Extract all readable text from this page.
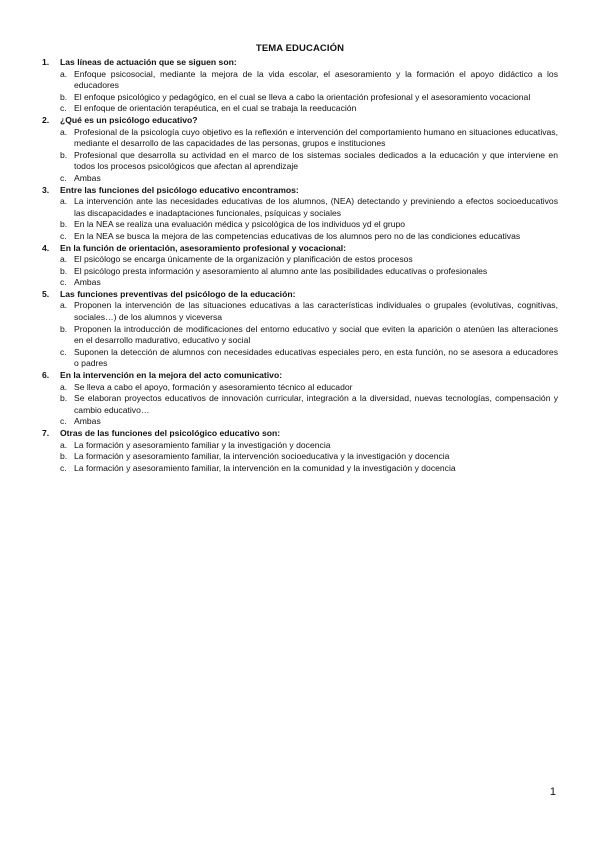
TEMA EDUCACIÓN
1.	Las líneas de actuación que se siguen son:
a. Enfoque psicosocial, mediante la mejora de la vida escolar, el asesoramiento y la formación el apoyo didáctico a los educadores
b. El enfoque psicológico y pedagógico, en el cual se lleva a cabo la orientación profesional y el asesoramiento vocacional
c. El enfoque de orientación terapéutica, en el cual se trabaja la reeducación
2.	¿Qué es un psicólogo educativo?
a. Profesional de la psicología cuyo objetivo es la reflexión e intervención del comportamiento humano en situaciones educativas, mediante el desarrollo de las capacidades de las personas, grupos e instituciones
b. Profesional que desarrolla su actividad en el marco de los sistemas sociales dedicados a la educación y que interviene en todos los procesos psicológicos que afectan al aprendizaje
c. Ambas
3.	Entre las funciones del psicólogo educativo encontramos:
a. La intervención ante las necesidades educativas de los alumnos, (NEA) detectando y previniendo a efectos socioeducativos las discapacidades e inadaptaciones funcionales, psíquicas y sociales
b. En la NEA se realiza una evaluación médica y psicológica de los individuos yd el grupo
c. En la NEA se busca la mejora de las competencias educativas de los alumnos pero no de las condiciones educativas
4.	En la función de orientación, asesoramiento profesional y vocacional:
a. El psicólogo se encarga únicamente de la organización y planificación de estos procesos
b. El psicólogo presta información y asesoramiento al alumno ante las posibilidades educativas o profesionales
c. Ambas
5.	Las funciones preventivas del psicólogo de la educación:
a. Proponen la intervención de las situaciones educativas a las características individuales o grupales (evolutivas, cognitivas, sociales…) de los alumnos y viceversa
b. Proponen la introducción de modificaciones del entorno educativo y social que eviten la aparición o atenúen las alteraciones en el desarrollo madurativo, educativo y social
c. Suponen la detección de alumnos con necesidades educativas especiales pero, en esta función, no se asesora a educadores o padres
6.	En la intervención en la mejora del acto comunicativo:
a. Se lleva a cabo el apoyo, formación y asesoramiento técnico al educador
b. Se elaboran proyectos educativos de innovación curricular, integración a la diversidad, nuevas tecnologías, compensación y cambio educativo…
c. Ambas
7.	Otras de las funciones del psicológico educativo son:
a. La formación y asesoramiento familiar y la investigación y docencia
b. La formación y asesoramiento familiar, la intervención socioeducativa y la investigación y docencia
c. La formación y asesoramiento familiar, la intervención en la comunidad y la investigación y docencia
1
